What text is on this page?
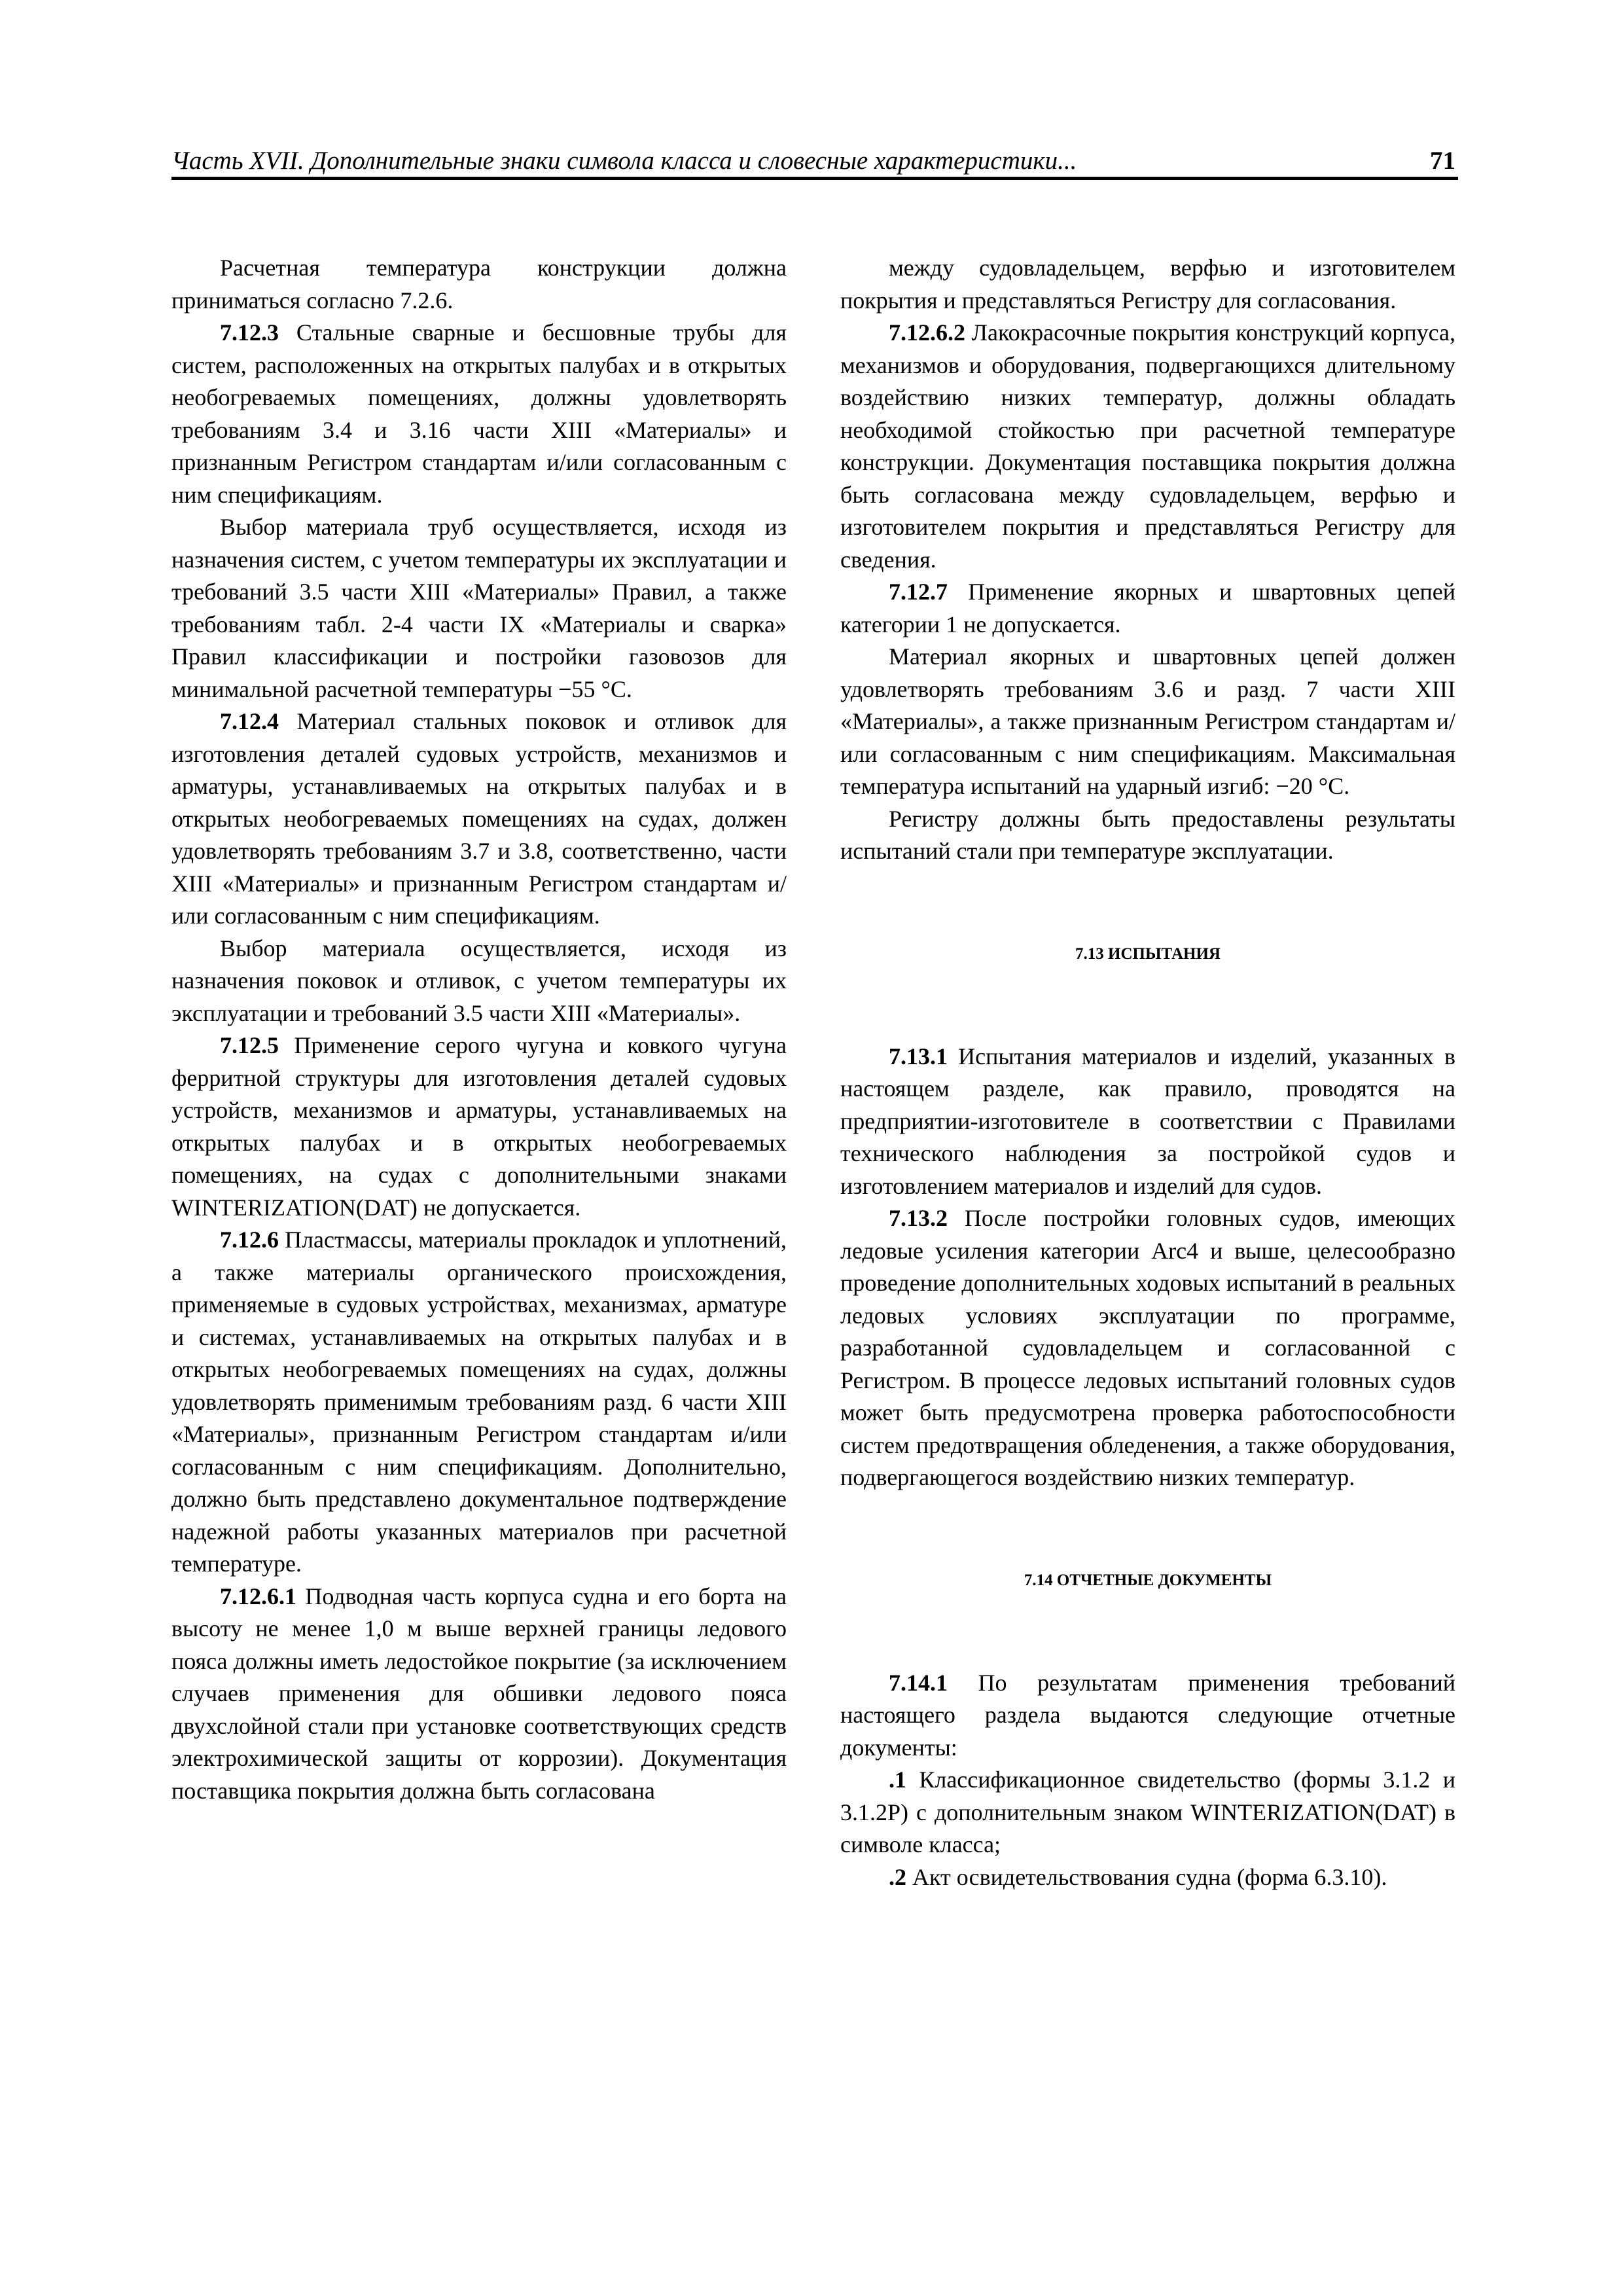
Часть XVII. Дополнительные знаки символа класса и словесные характеристики...	71

Расчетная температура конструкции должна приниматься согласно 7.2.6.

7.12.3 Стальные сварные и бесшовные трубы для систем, расположенных на открытых палубах и в открытых необогреваемых помещениях, должны удовлетворять требованиям 3.4 и 3.16 части XIII «Материалы» и признанным Регистром стандартам и/или согласованным с ним спецификациям.

Выбор материала труб осуществляется, исходя из назначения систем, с учетом температуры их эксплуатации и требований 3.5 части XIII «Материалы» Правил, а также требованиям табл. 2-4 части IX «Материалы и сварка» Правил классификации и постройки газовозов для минимальной расчетной температуры −55 °C.

7.12.4 Материал стальных поковок и отливок для изготовления деталей судовых устройств, механизмов и арматуры, устанавливаемых на открытых палубах и в открытых необогреваемых помещениях на судах, должен удовлетворять требованиям 3.7 и 3.8, соответственно, части XIII «Материалы» и признанным Регистром стандартам и/или согласованным с ним спецификациям.

Выбор материала осуществляется, исходя из назначения поковок и отливок, с учетом температуры их эксплуатации и требований 3.5 части XIII «Материалы».

7.12.5 Применение серого чугуна и ковкого чугуна ферритной структуры для изготовления деталей судовых устройств, механизмов и арматуры, устанавливаемых на открытых палубах и в открытых необогреваемых помещениях, на судах с дополнительными знаками WINTERIZATION(DAT) не допускается.

7.12.6 Пластмассы, материалы прокладок и уплотнений, а также материалы органического происхождения, применяемые в судовых устройствах, механизмах, арматуре и системах, устанавливаемых на открытых палубах и в открытых необогреваемых помещениях на судах, должны удовлетворять применимым требованиям разд. 6 части XIII «Материалы», признанным Регистром стандартам и/или согласованным с ним спецификациям. Дополнительно, должно быть представлено документальное подтверждение надежной работы указанных материалов при расчетной температуре.

7.12.6.1 Подводная часть корпуса судна и его борта на высоту не менее 1,0 м выше верхней границы ледового пояса должны иметь ледостойкое покрытие (за исключением случаев применения для обшивки ледового пояса двухслойной стали при установке соответствующих средств электрохимической защиты от коррозии). Документация поставщика покрытия должна быть согласована

между судовладельцем, верфью и изготовителем покрытия и представляться Регистру для согласования.

7.12.6.2 Лакокрасочные покрытия конструкций корпуса, механизмов и оборудования, подвергающихся длительному воздействию низких температур, должны обладать необходимой стойкостью при расчетной температуре конструкции. Документация поставщика покрытия должна быть согласована между судовладельцем, верфью и изготовителем покрытия и представляться Регистру для сведения.

7.12.7 Применение якорных и швартовных цепей категории 1 не допускается.

Материал якорных и швартовных цепей должен удовлетворять требованиям 3.6 и разд. 7 части XIII «Материалы», а также признанным Регистром стандартам и/или согласованным с ним спецификациям. Максимальная температура испытаний на ударный изгиб: −20 °C.

Регистру должны быть предоставлены результаты испытаний стали при температуре эксплуатации.

7.13 ИСПЫТАНИЯ

7.13.1 Испытания материалов и изделий, указанных в настоящем разделе, как правило, проводятся на предприятии-изготовителе в соответствии с Правилами технического наблюдения за постройкой судов и изготовлением материалов и изделий для судов.

7.13.2 После постройки головных судов, имеющих ледовые усиления категории Arc4 и выше, целесообразно проведение дополнительных ходовых испытаний в реальных ледовых условиях эксплуатации по программе, разработанной судовладельцем и согласованной с Регистром. В процессе ледовых испытаний головных судов может быть предусмотрена проверка работоспособности систем предотвращения обледенения, а также оборудования, подвергающегося воздействию низких температур.

7.14 ОТЧЕТНЫЕ ДОКУМЕНТЫ

7.14.1 По результатам применения требований настоящего раздела выдаются следующие отчетные документы:

.1 Классификационное свидетельство (формы 3.1.2 и 3.1.2P) с дополнительным знаком WINTERIZATION(DAT) в символе класса;

.2 Акт освидетельствования судна (форма 6.3.10).
